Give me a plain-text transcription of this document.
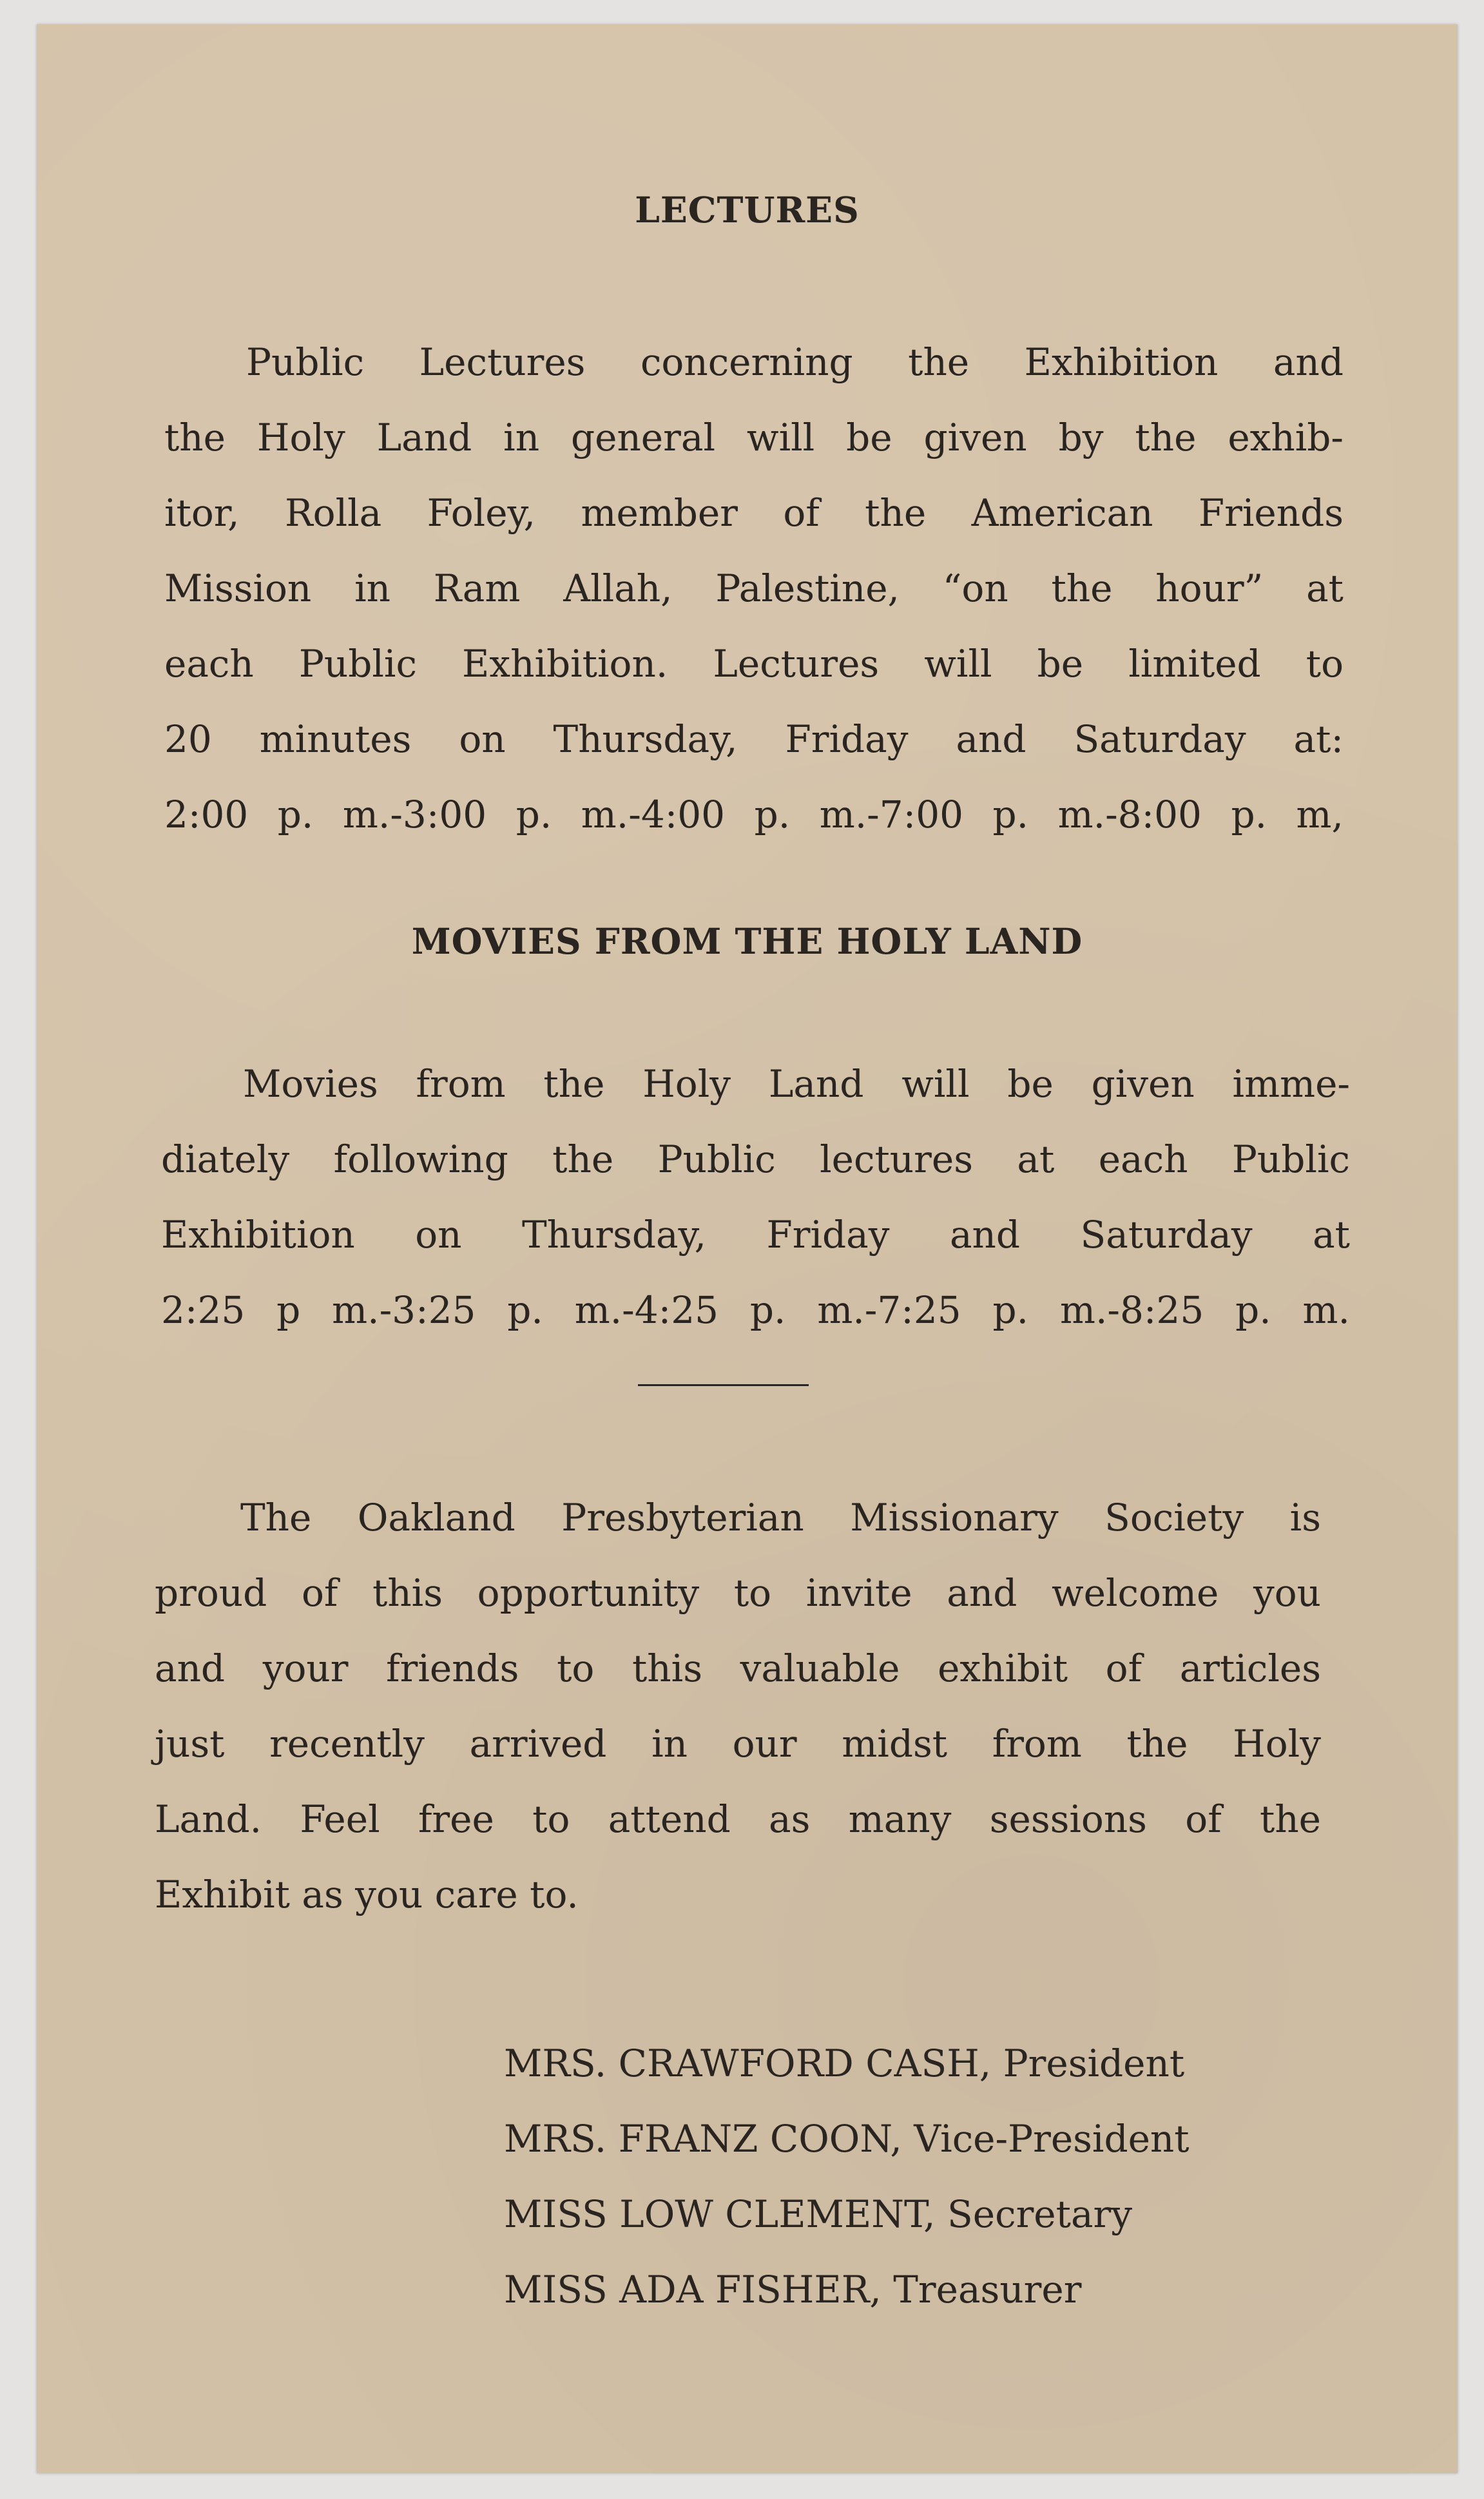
LECTURES
Public Lectures concerning the Exhibition and
the Holy Land in general will be given by the exhib-
itor, Rolla Foley, member of the American Friends
Mission in Ram Allah, Palestine, “on the hour” at
each Public Exhibition. Lectures will be limited to
20 minutes on Thursday, Friday and Saturday at:
2:00 p. m.-3:00 p. m.-4:00 p. m.-7:00 p. m.-8:00 p. m,
MOVIES FROM THE HOLY LAND
Movies from the Holy Land will be given imme-
diately following the Public lectures at each Public
Exhibition on Thursday, Friday and Saturday at
2:25 p m.-3:25 p. m.-4:25 p. m.-7:25 p. m.-8:25 p. m.
The Oakland Presbyterian Missionary Society is
proud of this opportunity to invite and welcome you
and your friends to this valuable exhibit of articles
just recently arrived in our midst from the Holy
Land. Feel free to attend as many sessions of the
Exhibit as you care to.
MRS. CRAWFORD CASH, President
MRS. FRANZ COON, Vice-President
MISS LOW CLEMENT, Secretary
MISS ADA FISHER, Treasurer
